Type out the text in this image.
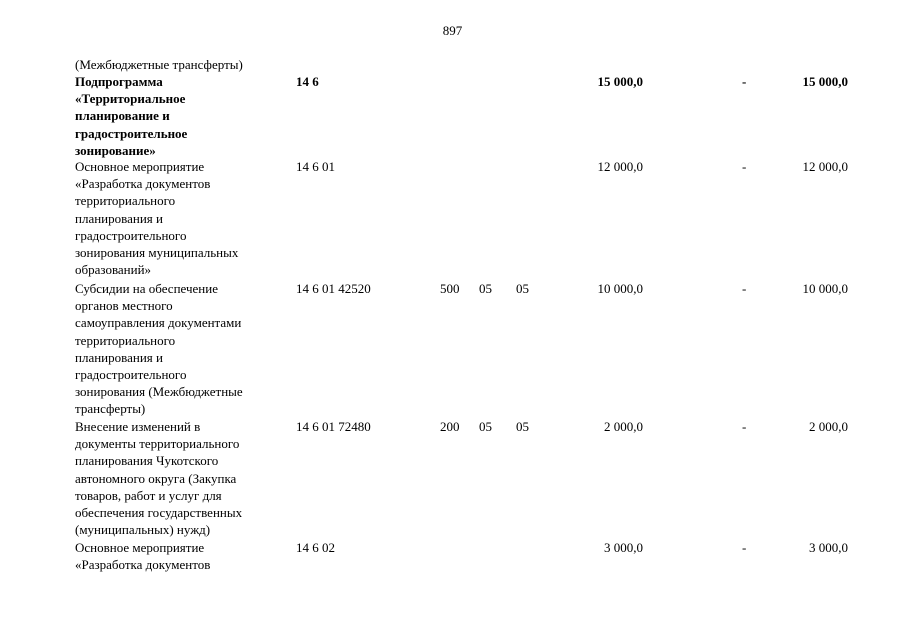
897
(Межбюджетные трансферты)
Подпрограмма
«Территориальное
планирование и
градостроительное
зонирование»
14 6	15 000,0	-	15 000,0
Основное мероприятие
«Разработка документов
территориального
планирования и
градостроительного
зонирования муниципальных
образований»
14 6 01	12 000,0	-	12 000,0
Субсидии на обеспечение
органов местного
самоуправления документами
территориального
планирования и
градостроительного
зонирования (Межбюджетные
трансферты)
14 6 01 42520	500 05 05	10 000,0	-	10 000,0
Внесение изменений в
документы территориального
планирования Чукотского
автономного округа (Закупка
товаров, работ и услуг для
обеспечения государственных
(муниципальных) нужд)
14 6 01 72480	200 05 05	2 000,0	-	2 000,0
Основное мероприятие
«Разработка документов
14 6 02	3 000,0	-	3 000,0
